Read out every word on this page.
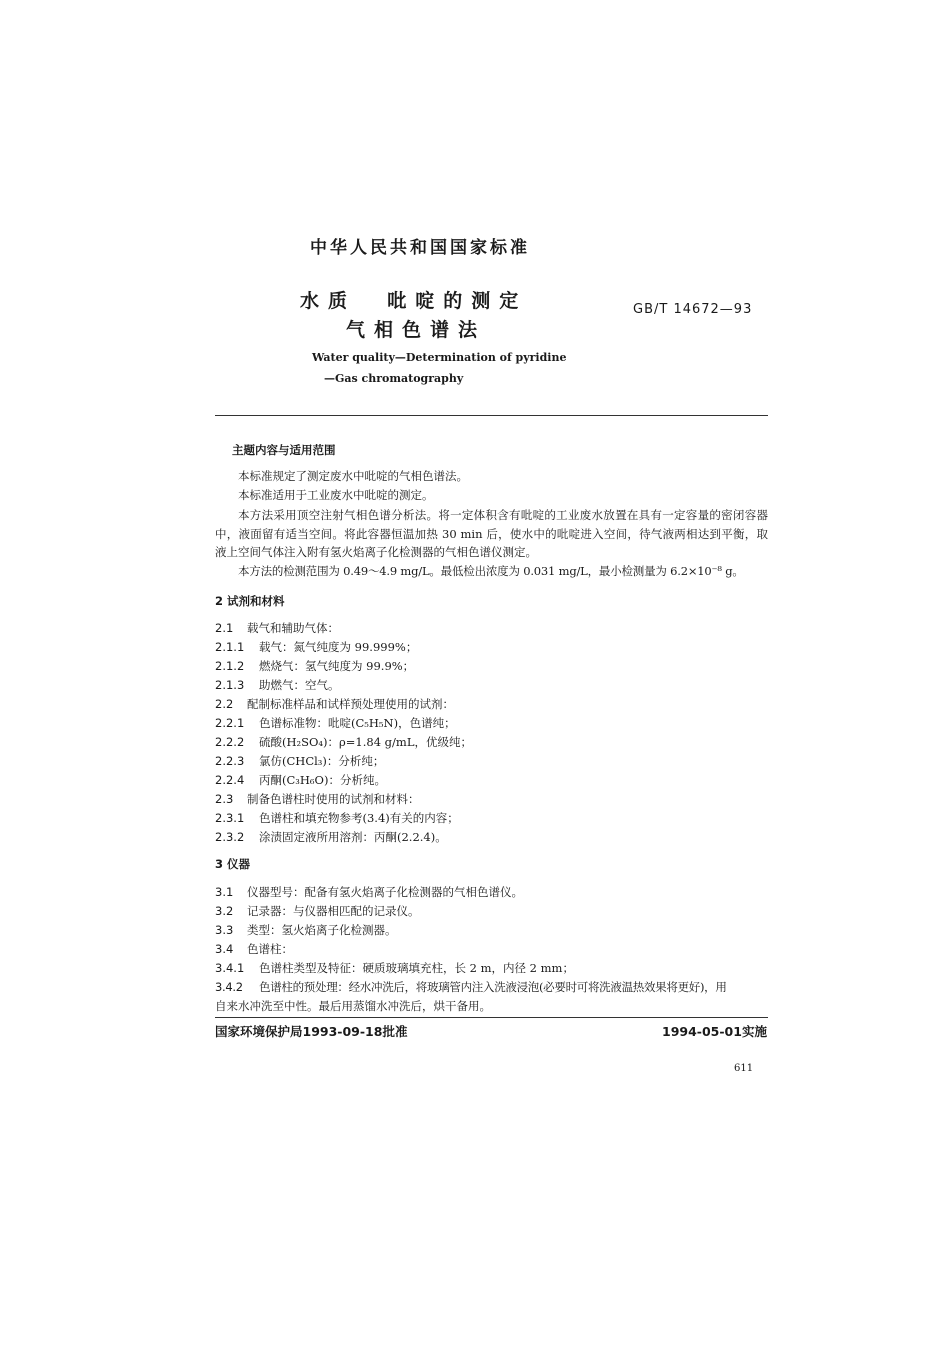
中华人民共和国国家标准
水质  吡啶的测定
气相色谱法
GB/T 14672—93
Water quality—Determination of pyridine
—Gas chromatography
主题内容与适用范围
本标准规定了测定废水中吡啶的气相色谱法。
本标准适用于工业废水中吡啶的测定。
本方法采用顶空注射气相色谱分析法。将一定体积含有吡啶的工业废水放置在具有一定容量的密闭容器中，液面留有适当空间。将此容器恒温加热 30 min 后，使水中的吡啶进入空间，待气液两相达到平衡，取液上空间气体注入附有氢火焰离子化检测器的气相色谱仪测定。
本方法的检测范围为 0.49～4.9 mg/L。最低检出浓度为 0.031 mg/L，最小检测量为 6.2×10⁻⁸ g。
2 试剂和材料
2.1 载气和辅助气体：
2.1.1 载气：氮气纯度为 99.999%；
2.1.2 燃烧气：氢气纯度为 99.9%；
2.1.3 助燃气：空气。
2.2 配制标准样品和试样预处理使用的试剂：
2.2.1 色谱标准物：吡啶(C₅H₅N)，色谱纯；
2.2.2 硫酸(H₂SO₄)：ρ=1.84 g/mL，优级纯；
2.2.3 氯仿(CHCl₃)：分析纯；
2.2.4 丙酮(C₃H₆O)：分析纯。
2.3 制备色谱柱时使用的试剂和材料：
2.3.1 色谱柱和填充物参考(3.4)有关的内容；
2.3.2 涂渍固定液所用溶剂：丙酮(2.2.4)。
3 仪器
3.1 仪器型号：配备有氢火焰离子化检测器的气相色谱仪。
3.2 记录器：与仪器相匹配的记录仪。
3.3 类型：氢火焰离子化检测器。
3.4 色谱柱：
3.4.1 色谱柱类型及特征：硬质玻璃填充柱，长 2 m，内径 2 mm；
3.4.2 色谱柱的预处理：经水冲洗后，将玻璃管内注入洗液浸泡(必要时可将洗液温热效果将更好)，用
自来水冲洗至中性。最后用蒸馏水冲洗后，烘干备用。
国家环境保护局1993-09-18批准	1994-05-01实施
611
